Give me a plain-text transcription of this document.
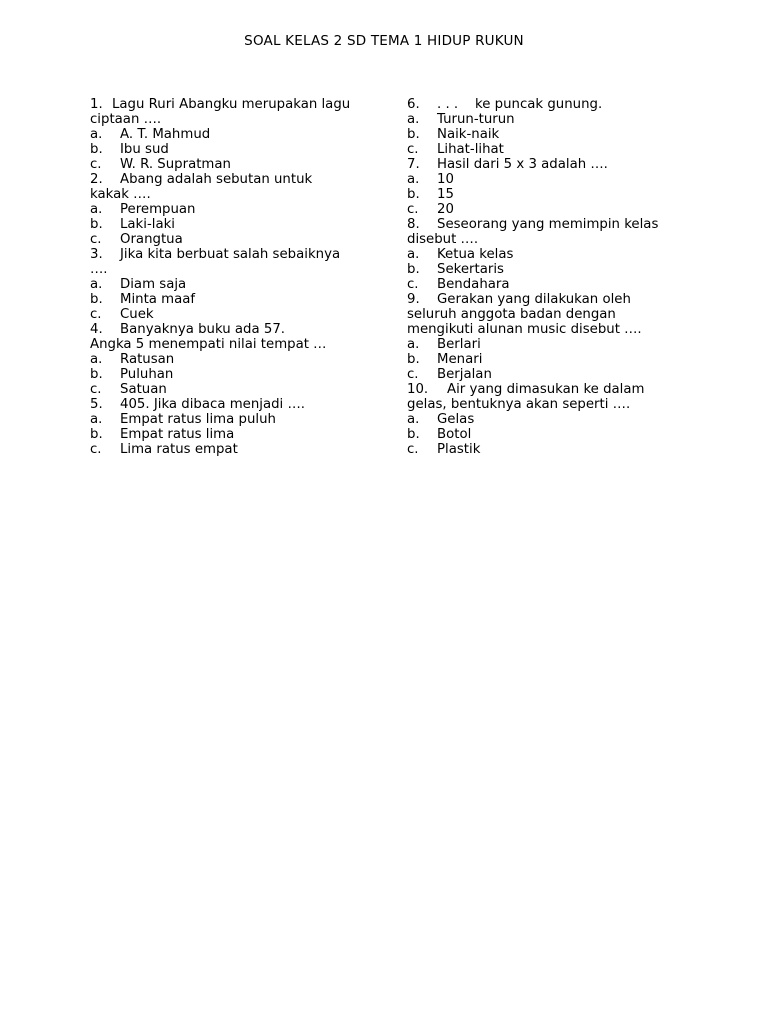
SOAL KELAS 2 SD TEMA 1 HIDUP RUKUN
1. Lagu Ruri Abangku merupakan lagu
ciptaan ….
a. A. T. Mahmud
b. Ibu sud
c. W. R. Supratman
2. Abang adalah sebutan untuk
kakak ….
a. Perempuan
b. Laki-laki
c. Orangtua
3. Jika kita berbuat salah sebaiknya
….
a. Diam saja
b. Minta maaf
c. Cuek
4. Banyaknya buku ada 57.
Angka 5 menempati nilai tempat …
a. Ratusan
b. Puluhan
c. Satuan
5. 405. Jika dibaca menjadi ….
a. Empat ratus lima puluh
b. Empat ratus lima
c. Lima ratus empat
6. . . .    ke puncak gunung.
a. Turun-turun
b. Naik-naik
c. Lihat-lihat
7. Hasil dari 5 x 3 adalah ….
a. 10
b. 15
c. 20
8. Seseorang yang memimpin kelas
disebut ….
a. Ketua kelas
b. Sekertaris
c. Bendahara
9. Gerakan yang dilakukan oleh
seluruh anggota badan dengan
mengikuti alunan music disebut ….
a. Berlari
b. Menari
c. Berjalan
10. Air yang dimasukan ke dalam
gelas, bentuknya akan seperti ….
a. Gelas
b. Botol
c. Plastik
